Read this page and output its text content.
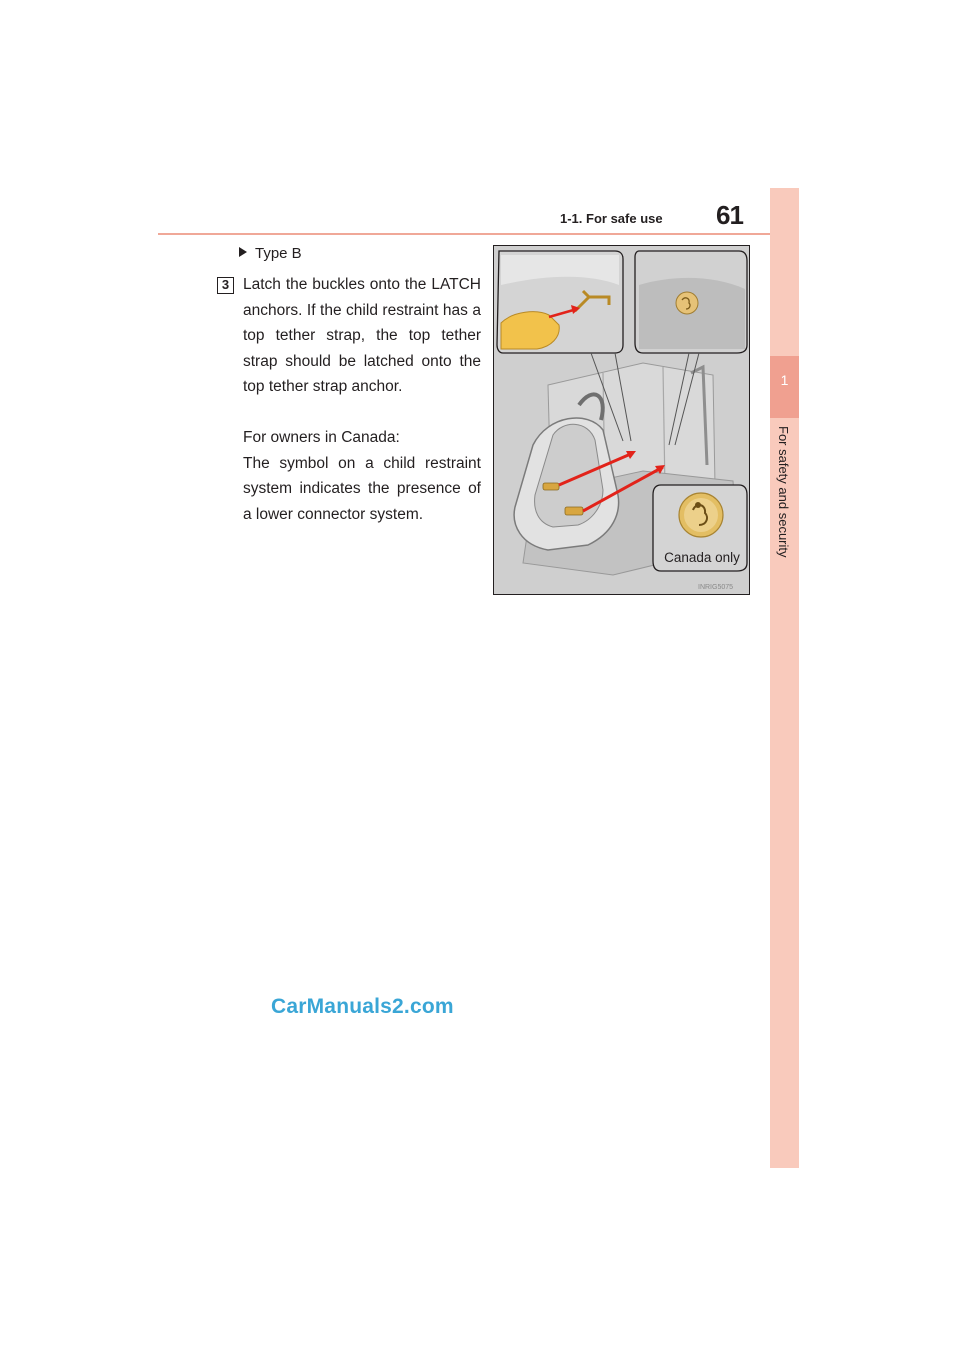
1-1. For safe use 61
1
For safety and security
Type B
3 Latch the buckles onto the LATCH anchors. If the child restraint has a top tether strap, the top tether strap should be latched onto the top tether strap anchor.
For owners in Canada:
The symbol on a child restraint system indicates the presence of a lower connector system.
Canada only
INRIG5075
CarManuals2.com
